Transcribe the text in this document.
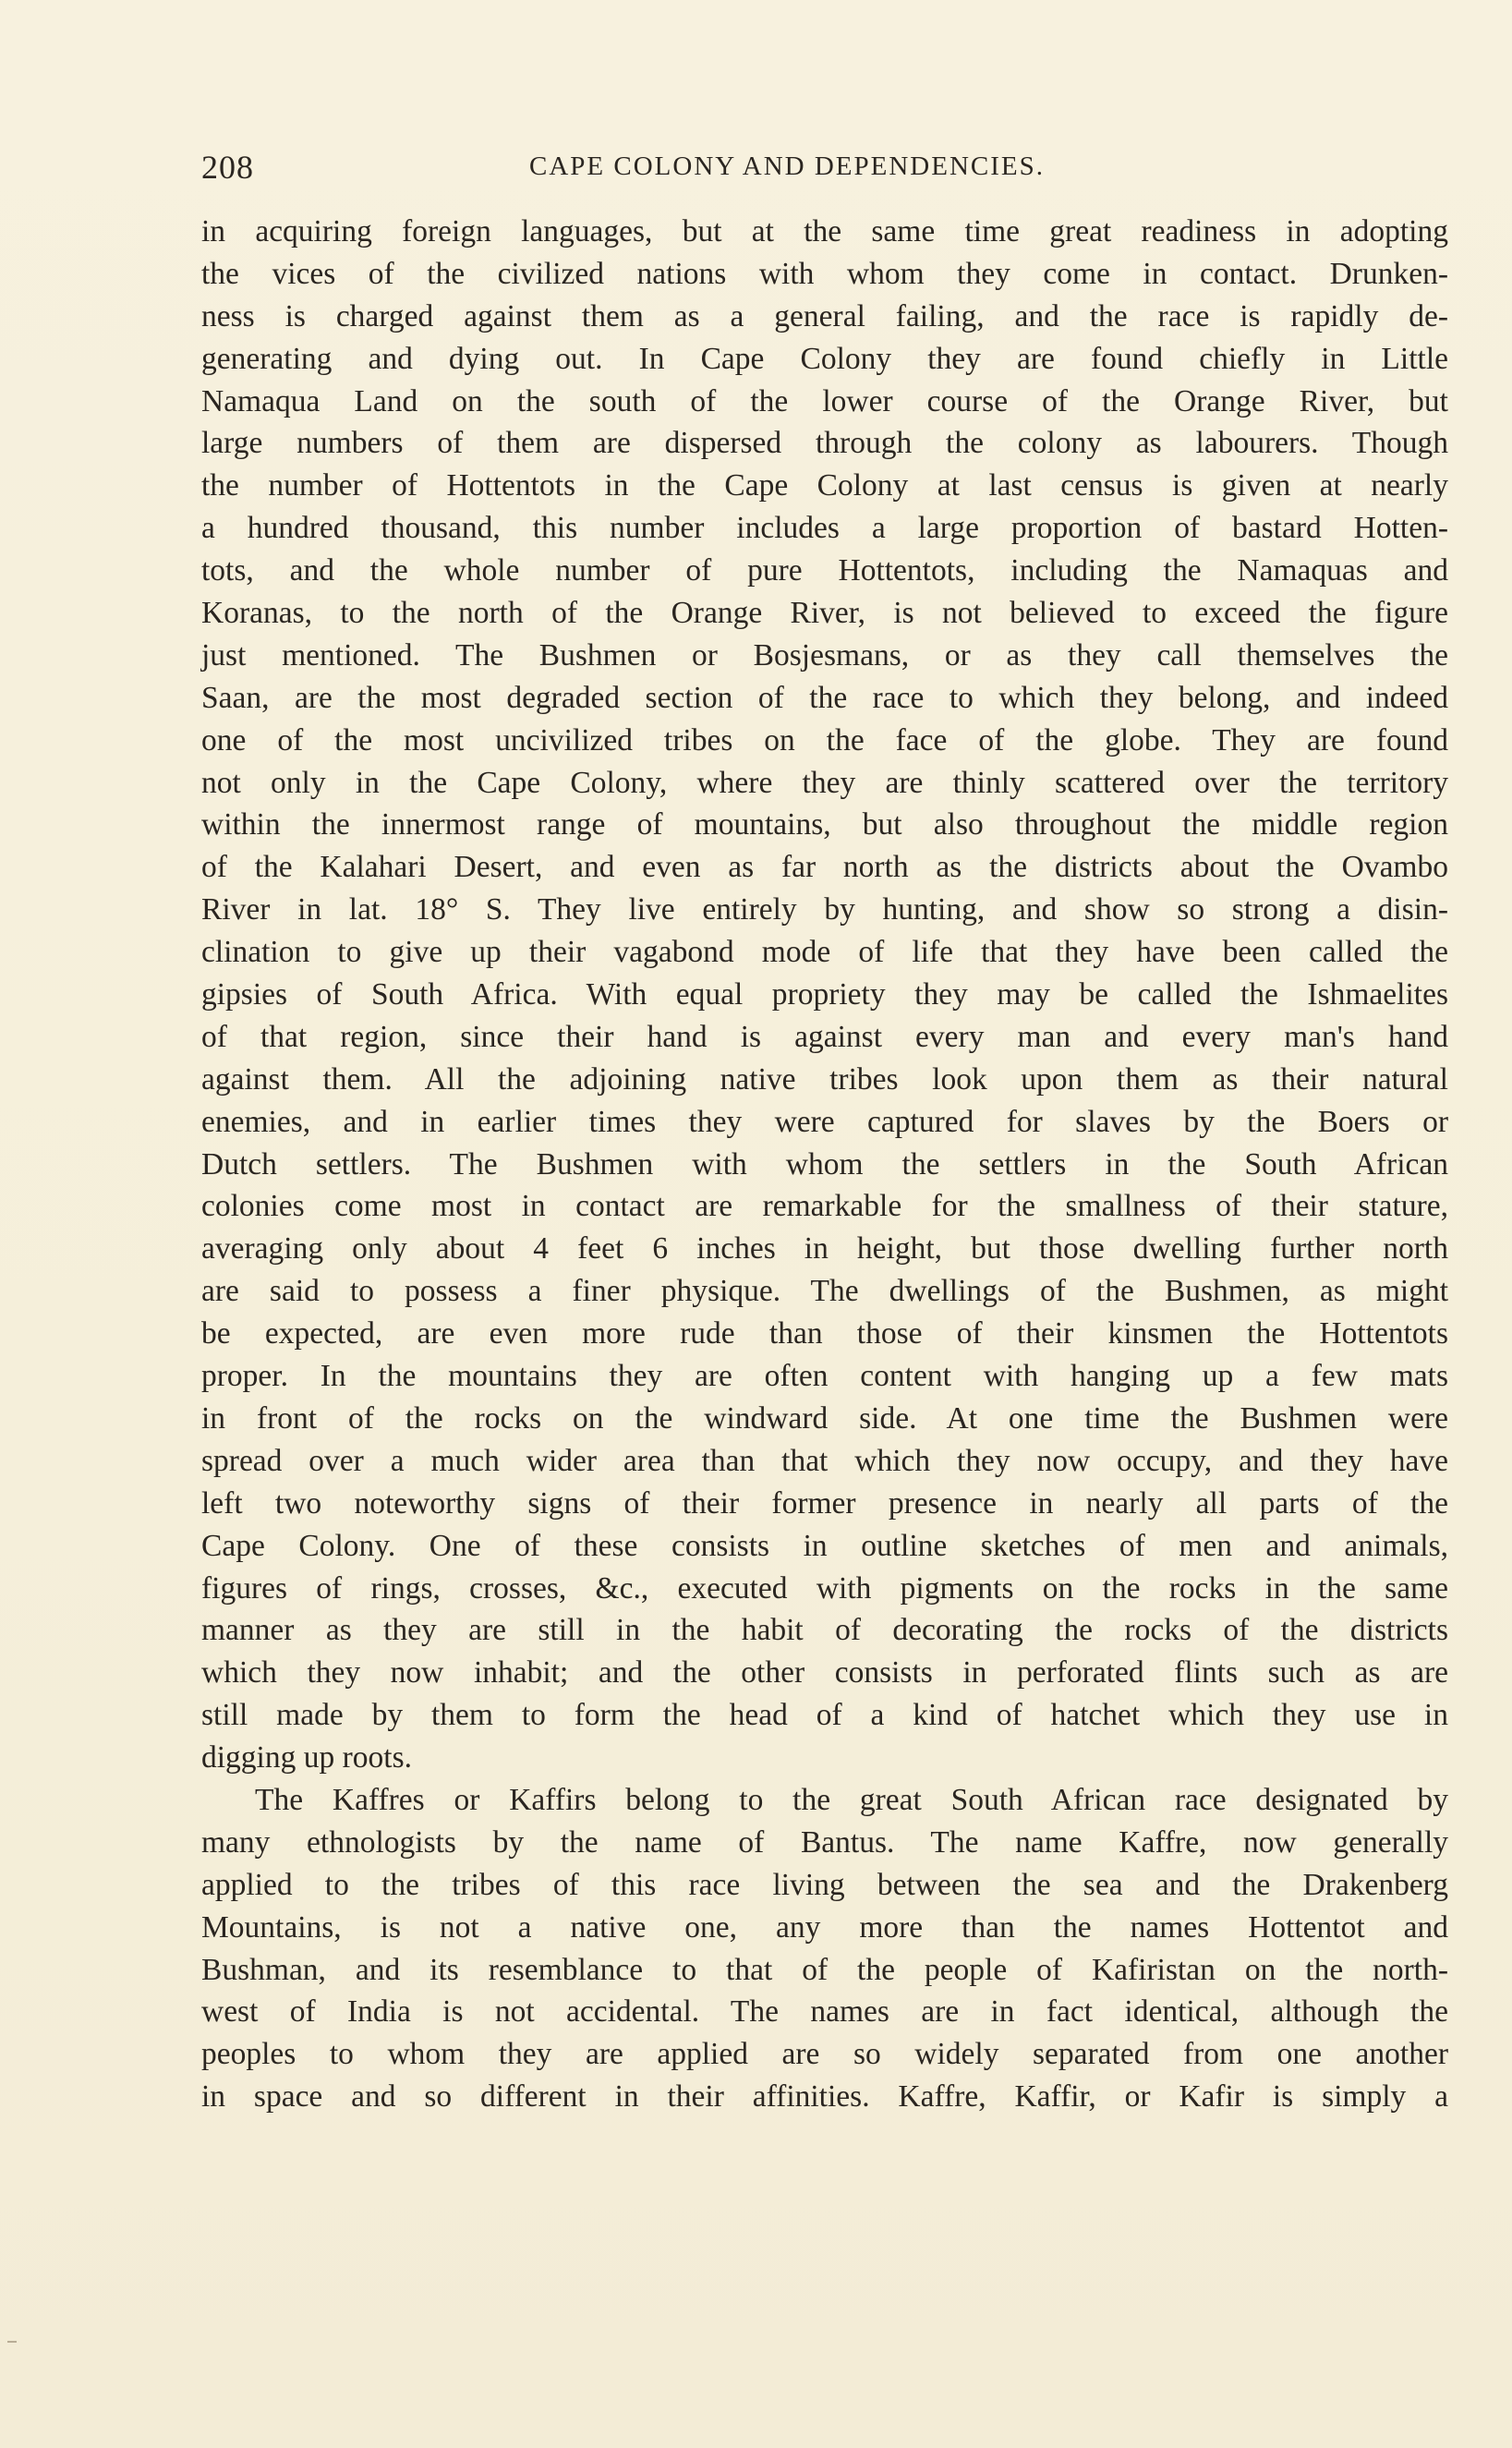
208	CAPE COLONY AND DEPENDENCIES.
in acquiring foreign languages, but at the same time great readiness in adopting
the vices of the civilized nations with whom they come in contact. Drunken-
ness is charged against them as a general failing, and the race is rapidly de-
generating and dying out. In Cape Colony they are found chiefly in Little
Namaqua Land on the south of the lower course of the Orange River, but
large numbers of them are dispersed through the colony as labourers. Though
the number of Hottentots in the Cape Colony at last census is given at nearly
a hundred thousand, this number includes a large proportion of bastard Hotten-
tots, and the whole number of pure Hottentots, including the Namaquas and
Koranas, to the north of the Orange River, is not believed to exceed the figure
just mentioned. The Bushmen or Bosjesmans, or as they call themselves the
Saan, are the most degraded section of the race to which they belong, and indeed
one of the most uncivilized tribes on the face of the globe. They are found
not only in the Cape Colony, where they are thinly scattered over the territory
within the innermost range of mountains, but also throughout the middle region
of the Kalahari Desert, and even as far north as the districts about the Ovambo
River in lat. 18° S. They live entirely by hunting, and show so strong a disin-
clination to give up their vagabond mode of life that they have been called the
gipsies of South Africa. With equal propriety they may be called the Ishmaelites
of that region, since their hand is against every man and every man's hand
against them. All the adjoining native tribes look upon them as their natural
enemies, and in earlier times they were captured for slaves by the Boers or
Dutch settlers. The Bushmen with whom the settlers in the South African
colonies come most in contact are remarkable for the smallness of their stature,
averaging only about 4 feet 6 inches in height, but those dwelling further north
are said to possess a finer physique. The dwellings of the Bushmen, as might
be expected, are even more rude than those of their kinsmen the Hottentots
proper. In the mountains they are often content with hanging up a few mats
in front of the rocks on the windward side. At one time the Bushmen were
spread over a much wider area than that which they now occupy, and they have
left two noteworthy signs of their former presence in nearly all parts of the
Cape Colony. One of these consists in outline sketches of men and animals,
figures of rings, crosses, &c., executed with pigments on the rocks in the same
manner as they are still in the habit of decorating the rocks of the districts
which they now inhabit; and the other consists in perforated flints such as are
still made by them to form the head of a kind of hatchet which they use in
digging up roots.
The Kaffres or Kaffirs belong to the great South African race designated by
many ethnologists by the name of Bantus. The name Kaffre, now generally
applied to the tribes of this race living between the sea and the Drakenberg
Mountains, is not a native one, any more than the names Hottentot and
Bushman, and its resemblance to that of the people of Kafiristan on the north-
west of India is not accidental. The names are in fact identical, although the
peoples to whom they are applied are so widely separated from one another
in space and so different in their affinities. Kaffre, Kaffir, or Kafir is simply a
